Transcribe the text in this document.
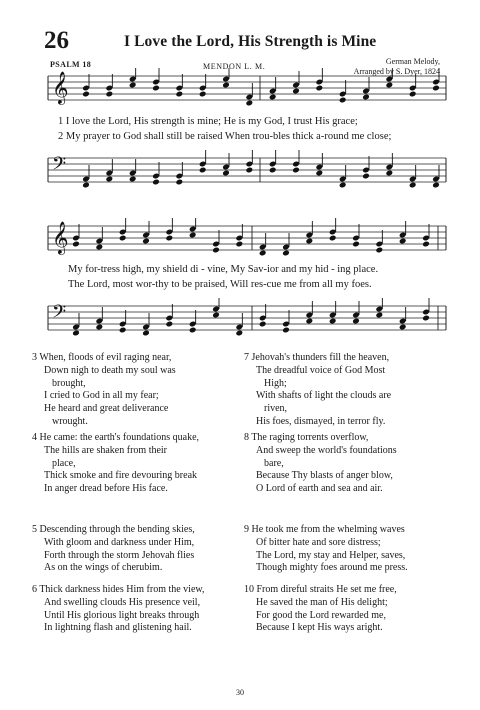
26	I Love the Lord, His Strength is Mine
PSALM 18	MENDON L. M.
German Melody,
Arranged by S. Dyer, 1824
𝄞
1 I love the Lord, His strength is mine; He is my God, I trust His grace;
2 My prayer to God shall still be raised When trou-bles thick a-round me close;
𝄢
𝄞
My for-tress high, my shield di - vine, My Sav-ior and my hid - ing place.
The Lord, most wor-thy to be praised, Will res-cue me from all my foes.
𝄢
3 When, floods of evil raging near,
Down nigh to death my soul was
brought,
I cried to God in all my fear;
He heard and great deliverance
wrought.
4 He came: the earth's foundations quake,
The hills are shaken from their
place,
Thick smoke and fire devouring break
In anger dread before His face.
5 Descending through the bending skies,
With gloom and darkness under Him,
Forth through the storm Jehovah flies
As on the wings of cherubim.
6 Thick darkness hides Him from the view,
And swelling clouds His presence veil,
Until His glorious light breaks through
In lightning flash and glistening hail.
7 Jehovah's thunders fill the heaven,
The dreadful voice of God Most
High;
With shafts of light the clouds are
riven,
His foes, dismayed, in terror fly.
8 The raging torrents overflow,
And sweep the world's foundations
bare,
Because Thy blasts of anger blow,
O Lord of earth and sea and air.
9 He took me from the whelming waves
Of bitter hate and sore distress;
The Lord, my stay and Helper, saves,
Though mighty foes around me press.
10 From direful straits He set me free,
He saved the man of His delight;
For good the Lord rewarded me,
Because I kept His ways aright.
30
